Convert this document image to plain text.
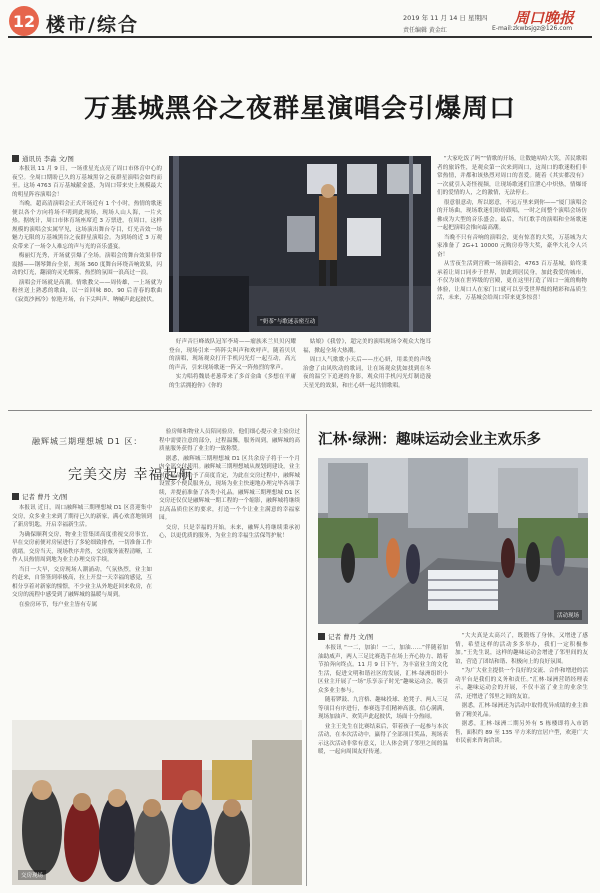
12 楼市/综合	2019 年 11 月 14 日 星期四
责任编辑 黄金红
周口晚报
E-mail:zkwbsjgz@126.com
万基城黑谷之夜群星演唱会引爆周口
通讯员 李淼 文/图

本报讯 11 月 9 日，一场重星光点亮了周口市体育中心的夜空。全周口期盼已久的万基城黑谷之夜群星演唱会如约而至。这场 4763 百万基城献金盛，为周口带来史上规模最大的明星阵容演唱会！

当晚，超高清演唱会正式开场近有 1 个小时，热情的歌迷便以各个方向将场不明到此现场，现场人山人海，一片火热。据统计，周口市体育场座席近 3 万票进，在周口，这样规模的演唱会实属罕见，这场演出舞台夺目，灯光音效一场魅力无限的万基城黑谷之夜群星演唱会。为到场的近 3 万观众带来了一场令人难忘的声与光的音乐盛宴。

梅丽灯光秀，开场就引爆了全场。演唱会的舞台效果非常震撼——钢琴舞台全景，现场 360 度舞台环绕音响效果，闪动的灯光，翻滚的灵光烟雾，热烈的氛围一浪高过一浪。

演唱会开场就是高潮。情歌教父——周传雄，一上场就为粉丝送上熟悉的歌曲，以一首回味 80、90 后青春的歌曲《寂寞沙洲冷》惊艳开场，台下尖叫声、呐喊声此起彼伏。

“奶茶”与歌迷亲密互动

好声音巨峰战队冠军李琦——瘤族米兰贝贝闪耀登台，现场引来一阵阵尖叫声和欢呼声。随着贝贝的演唱，现场观众打开手机闪光灯一起互动，高亢的声音，引来现场歌迷一阵又一阵热烈的掌声。

实力唱将魏晨老葱带来了多首金曲《多想在平庸的生活拥抱你》《你的

姑娘》《我曾》，超完美的演唱现场令观众大饱耳福，掀起全场大热潮。

周口人气歌歌小天后——庄心妍，用柔美的声线治愈了由风吹动的歌词，让在场观众犹如找到在冬夜的温空下追逐的身影，观众用手机闪光灯制造漫天星光的效果，和庄心妍一起共情歌唱。

“大家吃饭了吗”“情歌的开场，让数她咕哈大笑，苦民歌唱者的旅诉性，是观众第一次来到周口，这周口的歌迷粉们非常热情，并都和该热烈对周口的喜爱。随着《其实都没有》一次就引入奇怪视频，让现场歌迷们宣泄心中炽热，情爆哥们的爱情的人，之的激情，无法停止。

很意很意动，所以愿意，不远万里来到你——”厦门演唱会的开场曲，现场歌迷们纷纷跟唱，一时之间整个演唱会场仿佛成为大型的音乐盛会。最后，当红歌手的演唱和全场歌迷一起把演唱会推向最高潮。

当晚不只有音响的演唱会，更有惊喜的大奖，万基城为大家准备了 2G+1 10000 元购房券等大奖，豪华大礼令人兴奋！

从雪夜生活到宫殿一场演唱会，4763 百万基城，始终秉承着让周口同步于世界，加此到居民身，加此我爱的城市，不仅为该在世界级的宫殿，更在这里打造了周口一流的购物体验，让周口人在家门口就可以享受世界级的精彩和品质生活，未来，万基城会给周口带来更多惊喜！

融辉城三期理想城 D1 区：
完美交房 幸福起航
记者 曹丹 文/图

本报讯 近日，周口融辉城三期理想城 D1 区喜迎集中交房，众多业主来到了期待已久的新家，满心欢喜地领到了新房钥匙，开启幸福新生活。

为确保顺利交房，物业主管集团高度重视交房事宜，早在交房前便对房屋进行了多轮细致排查，一切准备工作就绪。交房当天，现场秩序井然，交房服务流程清晰，工作人员热情周到地为业主办理交房手续。

当日一大早，交房现场人潮涌动，气氛热烈，业主如约赶来，自签签到率极高，拉上开盘一天幸福的感觉，互相分享着对新家的憧憬，不少业主从外地赶回来收房，在交房的流程中感受到了融辉城的温暖与周到。

在验房环节，每户业主皆有专属

验房师和物业人员陪同验房，他们细心提示业主验房过程中需要注意的部分，过程温馨，服务周到，融辉城的高质量服务获得了业主的一致称赞。

据悉，融辉城三期理想城 D1 区共余房子将于一个月内全部交付使用。融辉城三期理想城从规划到建设，业主对产品品质给予了高度肯定，为此在交房过程中，融辉城设置多个便民服务点，现场为业主快速地办理完毕各项手续，并提前准备了各类小礼品。融辉城三期理想城 D1 区交房还仅仅是融辉城一期工程的一个缩影，融辉城将继续以高品质住区的要求，打造一个个让业主满意的幸福家园。

交房，只是幸福的开始。未来，融辉人将继续秉承初心，以更优质的服务，为业主的幸福生活保驾护航！

交房现场
汇林·绿洲：趣味运动会业主欢乐多
活动现场
记者 曹丹 文/图

本报讯 “一二，加油！一二，加油……”伴随着加油助威声，两人三足比赛选手在场上齐心协力、踏着节拍奔向终点。11 月 9 日下午，为丰富业主的文化生活，促进文明和谐社区的发展，汇林·绿洲组织小区业主开展了一场“乐享亲子时光”趣味运动会，吸引众多业主参与。

随着锣鼓、九宫格、趣味投球、抢凳子、两人三足等项目有序进行，参赛选手们精神高涨，信心满满，现场加油声、欢笑声此起彼伏，场面十分热闹。

业主王先生在比赛结束后，带着孩子一起参与本次活动，在本次活动中，赢得了全部项目奖品，现场表示这次活动非常有意义，让人体会到了邻里之间的温暖，一起向周围友好传递。

“大夫真是太高兴了，既锻炼了身体，又增进了感情，希望这样的活动多多举办，我们一定积极参加。”王先生说，这样的趣味运动会增进了邻里间的友谊，营造了团结和谐、积极向上的良好氛围。

“为广大业主提供一个良好的交流、合作和增进的活动平台是我们的义务和责任。”汇林·绿洲营销经理表示，趣味运动会的开展，不仅丰富了业主的业余生活，还增进了邻里之间的友谊。

据悉，汇林·绿洲还为活动中取得优异成绩的业主准备了精美礼品。

据悉，汇林·绿洲二期另外有 5 栋楼即将入市销售，面积约 89 至 135 平方米的宜居户型，欢迎广大市民前来咨询洽谈。
